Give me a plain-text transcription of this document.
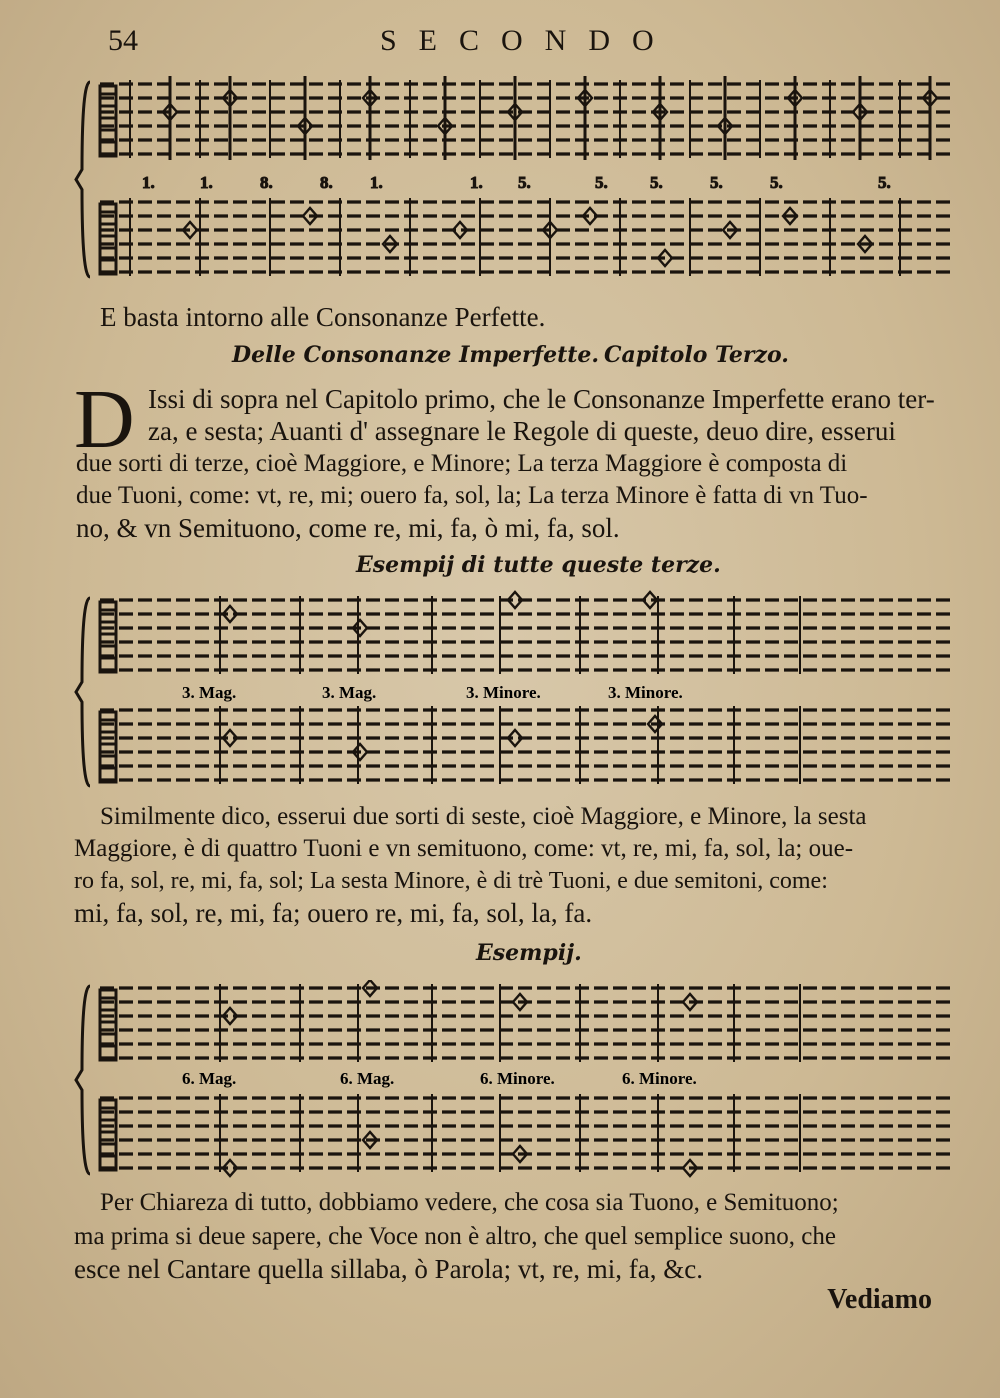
54	SECONDO
1.	1.	8.	8. 1.	1. 5.	5. 5.	5.	5.	5.
E basta intorno alle Consonanze Perfette.
Delle Consonanze Imperfette. Capitolo Terzo.
D Issi di sopra nel Capitolo primo, che le Consonanze Imperfette erano ter-
za, e sesta; Auanti d' assegnare le Regole di queste, deuo dire, esserui
due sorti di terze, cioè Maggiore, e Minore; La terza Maggiore è composta di
due Tuoni, come: vt, re, mi; ouero fa, sol, la; La terza Minore è fatta di vn Tuo-
no, & vn Semituono, come re, mi, fa, ò mi, fa, sol.
Esempij di tutte queste terze.
3. Mag.	3. Mag.	3. Minore.	3. Minore.
Similmente dico, esserui due sorti di seste, cioè Maggiore, e Minore, la sesta
Maggiore, è di quattro Tuoni e vn semituono, come: vt, re, mi, fa, sol, la; oue-
ro fa, sol, re, mi, fa, sol; La sesta Minore, è di trè Tuoni, e due semitoni, come:
mi, fa, sol, re, mi, fa; ouero re, mi, fa, sol, la, fa.
Esempij.
6. Mag.	6. Mag.	6. Minore.	6. Minore.
Per Chiareza di tutto, dobbiamo vedere, che cosa sia Tuono, e Semituono;
ma prima si deue sapere, che Voce non è altro, che quel semplice suono, che
esce nel Cantare quella sillaba, ò Parola; vt, re, mi, fa, &c.
Vediamo
